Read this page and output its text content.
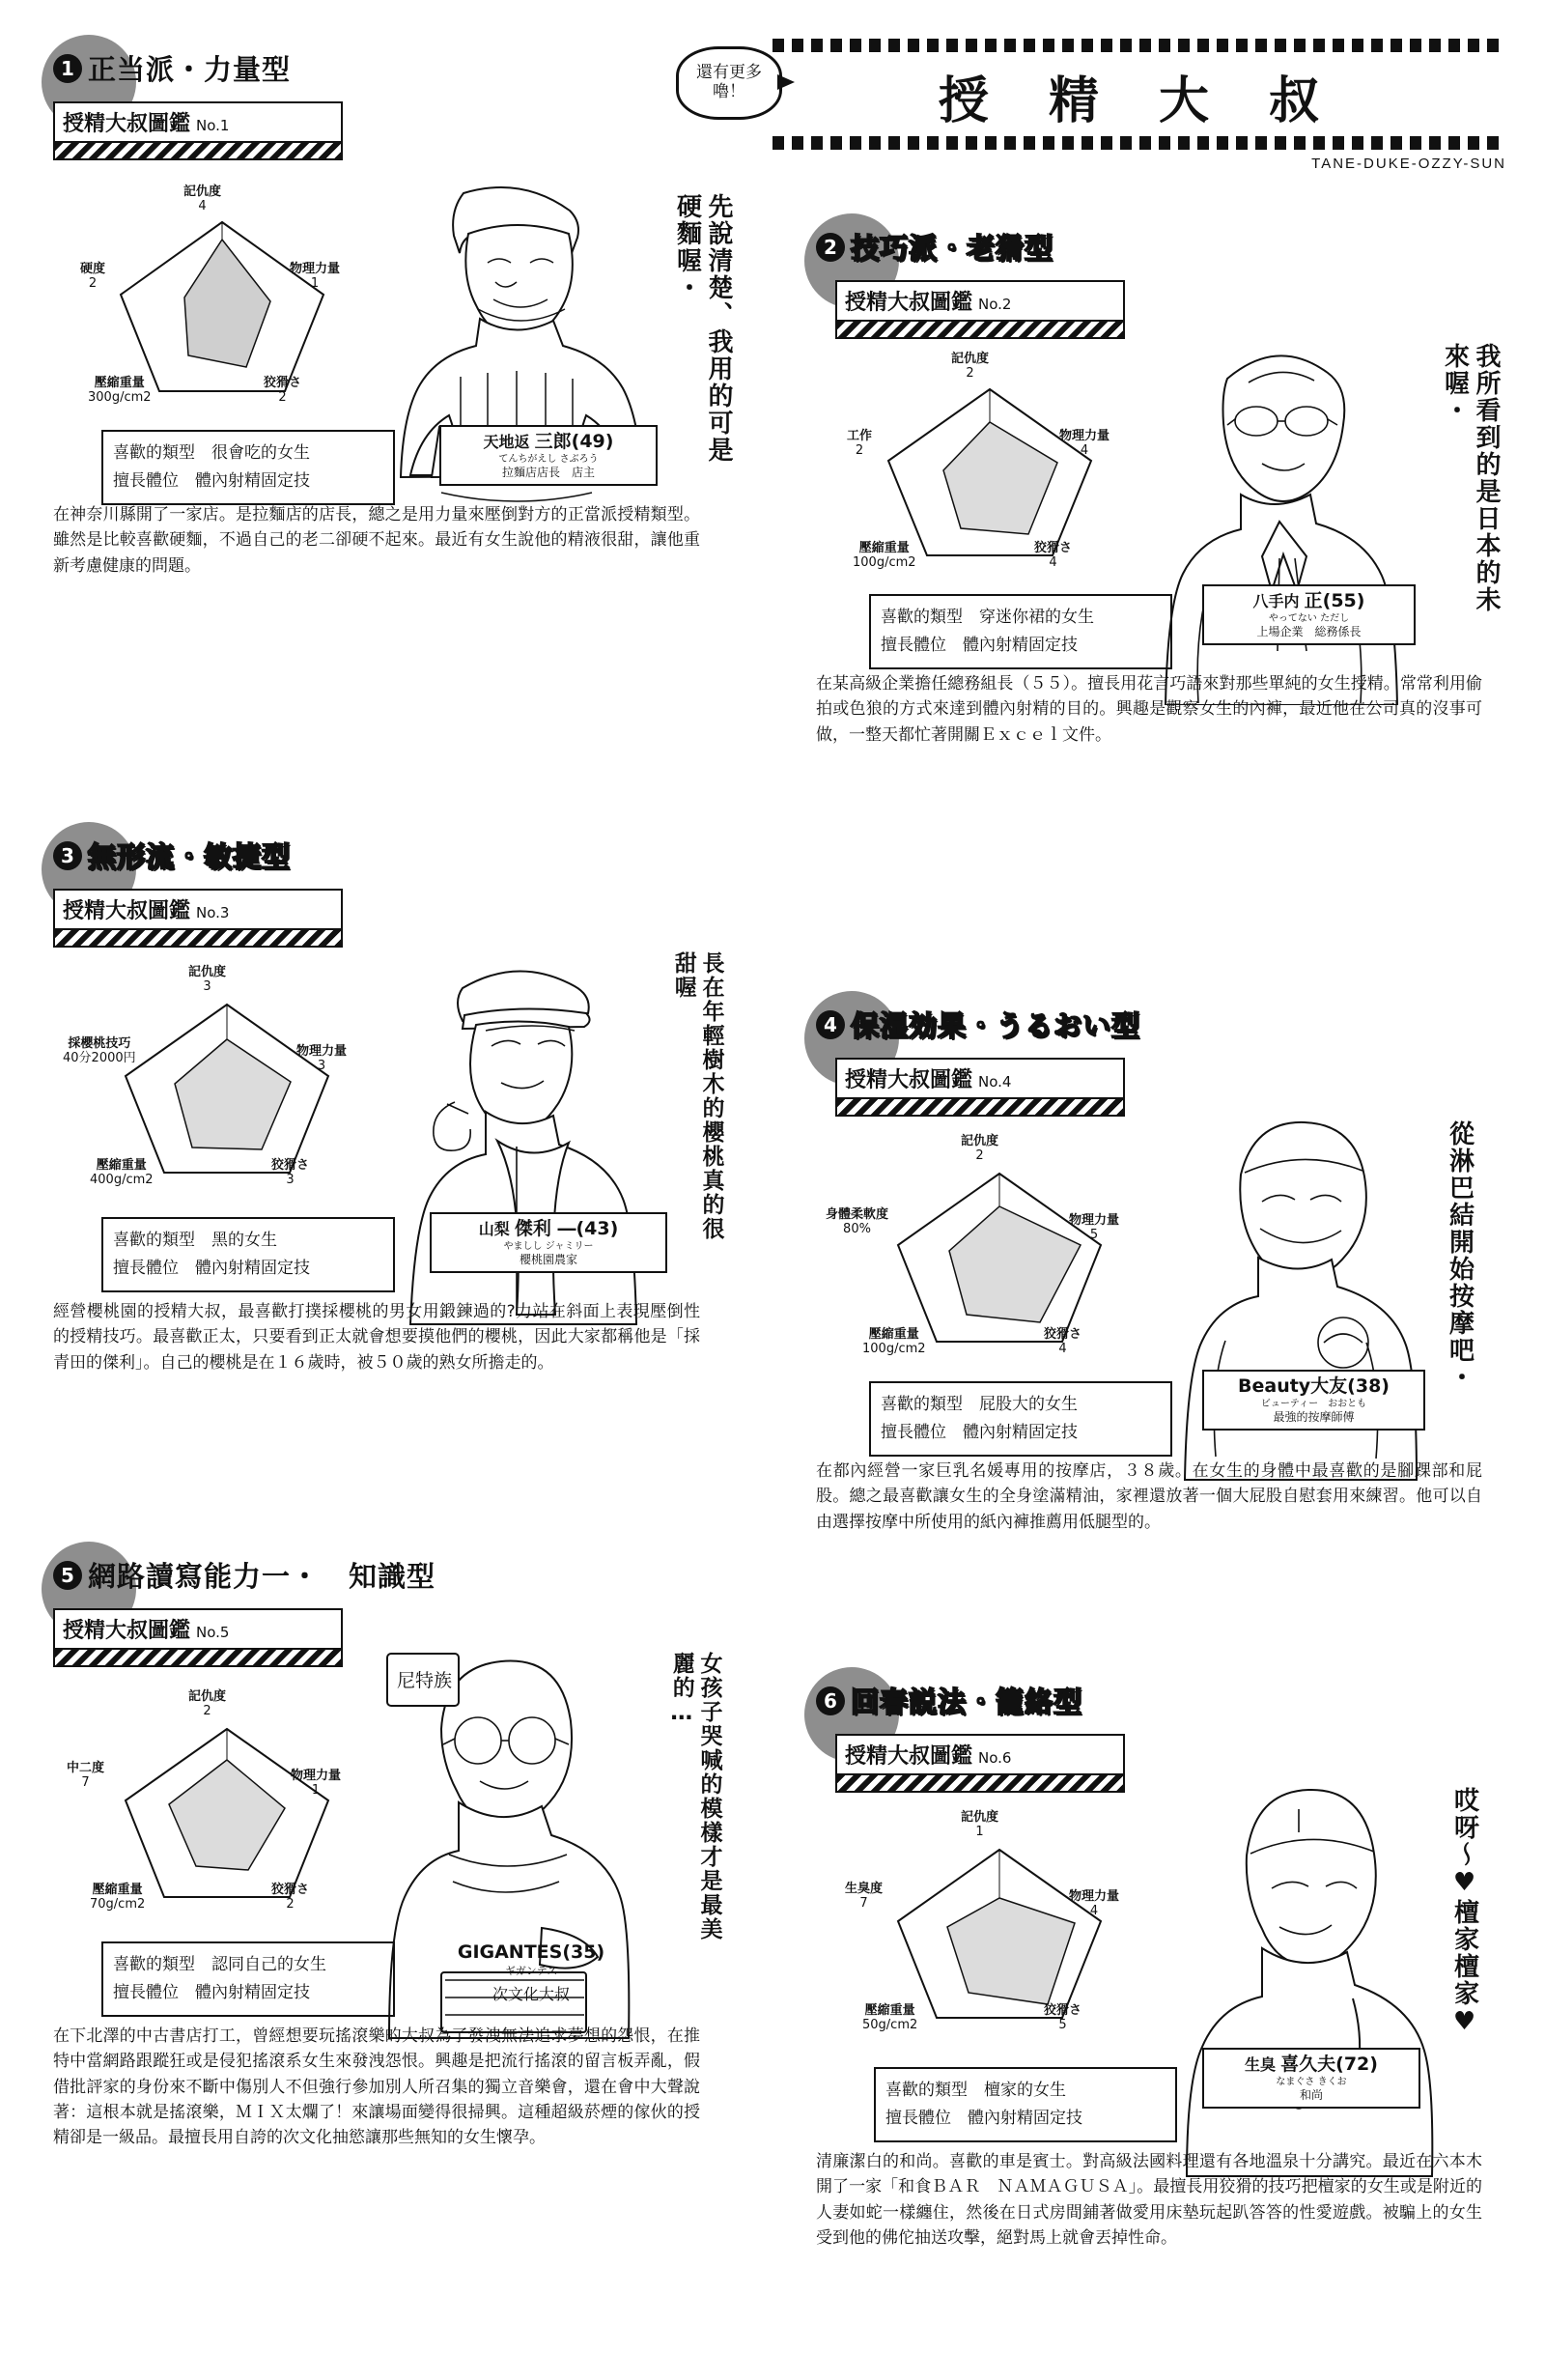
還有更多嚕！	授 精 大 叔
TANE-DUKE-OZZY-SUN
1 正当派・力量型
授精大叔圖鑑 No.1
記仇度
4
物理力量
1
狡猾さ
2
壓縮重量
300g/cm2
硬度
2	先說清楚、我用的可是硬麵喔・
喜歡的類型　很會吃的女生
擅長體位　體內射精固定技
天地返 三郎(49)
てんちがえし さぶろう
拉麵店店長　 店主
在神奈川縣開了一家店。是拉麵店的店長，總之是用力量來壓倒對方的正當派授精類型。雖然是比較喜歡硬麵，不過自己的老二卻硬不起來。最近有女生說他的精液很甜，讓他重新考慮健康的問題。
2 技巧派・老猾型
授精大叔圖鑑 No.2
記仇度
2
物理力量
4
狡猾さ
4
壓縮重量
100g/cm2
工作
2	我所看到的是日本的未來喔・
喜歡的類型　穿迷你裙的女生
擅長體位　體內射精固定技
八手内 正(55)
やってない ただし
上場企業　 総務係長
在某高級企業擔任總務組長（５５）。擅長用花言巧語來對那些單純的女生授精。常常利用偷拍或色狼的方式來達到體內射精的目的。興趣是觀察女生的內褲，最近他在公司真的沒事可做，一整天都忙著開關Ｅｘｃｅｌ文件。
3 無形流・敏捷型
授精大叔圖鑑 No.3
記仇度
3
物理力量
3
狡猾さ
3
壓縮重量
400g/cm2
採櫻桃技巧
40分2000円	長在年輕樹木的櫻桃真的很甜喔
喜歡的類型　黑的女生
擅長體位　體內射精固定技
山梨 傑利 ―(43)
やましし ジャミリー
櫻桃園農家
經營櫻桃園的授精大叔，最喜歡打撲採櫻桃的男女用鍛鍊過的?力站在斜面上表現壓倒性的授精技巧。最喜歡正太，只要看到正太就會想要摸他們的櫻桃，因此大家都稱他是「採青田的傑利」。自己的櫻桃是在１６歲時，被５０歲的熟女所擔走的。
4 保湿効果・うるおい型
授精大叔圖鑑 No.4
記仇度
2
物理力量
5
狡猾さ
4
壓縮重量
100g/cm2
身體柔軟度
80%	從淋巴結開始按摩吧・
喜歡的類型　屁股大的女生
擅長體位　體內射精固定技
Beauty大友(38)
ビューティー　おおとも
最強的按摩師傅
在都內經營一家巨乳名媛專用的按摩店，３８歲。在女生的身體中最喜歡的是腳踝部和屁股。總之最喜歡讓女生的全身塗滿精油，家裡還放著一個大屁股自慰套用來練習。他可以自由選擇按摩中所使用的紙內褲推薦用低腿型的。
5 網路讀寫能力一・　知識型
授精大叔圖鑑 No.5
記仇度
2
物理力量
1
狡猾さ
2
壓縮重量
70g/cm2
中二度
7
尼特族	女孩子哭喊的模樣才是最美麗的…
喜歡的類型　認同自己的女生
擅長體位　體內射精固定技
GIGANTES(35)
ギガンテス
次文化大叔
在下北澤的中古書店打工，曾經想要玩搖滾樂的大叔為了發洩無法追求夢想的怨恨，在推特中當網路跟蹤狂或是侵犯搖滾系女生來發洩怨恨。興趣是把流行搖滾的留言板弄亂，假借批評家的身份來不斷中傷別人不但強行參加別人所召集的獨立音樂會，還在會中大聲說著：這根本就是搖滾樂，ＭＩＸ太爛了！來讓場面變得很掃興。這種超級菸煙的傢伙的授精卻是一級品。最擅長用自誇的次文化抽慾讓那些無知的女生懷孕。
6 回春説法・籠絡型
授精大叔圖鑑 No.6
記仇度
1
物理力量
4
狡猾さ
5
壓縮重量
50g/cm2
生臭度
7	哎呀～♥檀家檀家♥
喜歡的類型　檀家的女生
擅長體位　體內射精固定技
生臭 喜久夫(72)
なまぐさ きくお
和尚
清廉潔白的和尚。喜歡的車是賓士。對高級法國料理還有各地溫泉十分講究。最近在六本木開了一家「和食ＢＡＲ　ＮＡＭＡＧＵＳＡ」。最擅長用狡猾的技巧把檀家的女生或是附近的人妻如蛇一樣纏住，然後在日式房間鋪著做愛用床墊玩起趴答答的性愛遊戲。被騙上的女生受到他的佛佗抽送攻擊，絕對馬上就會丟掉性命。
